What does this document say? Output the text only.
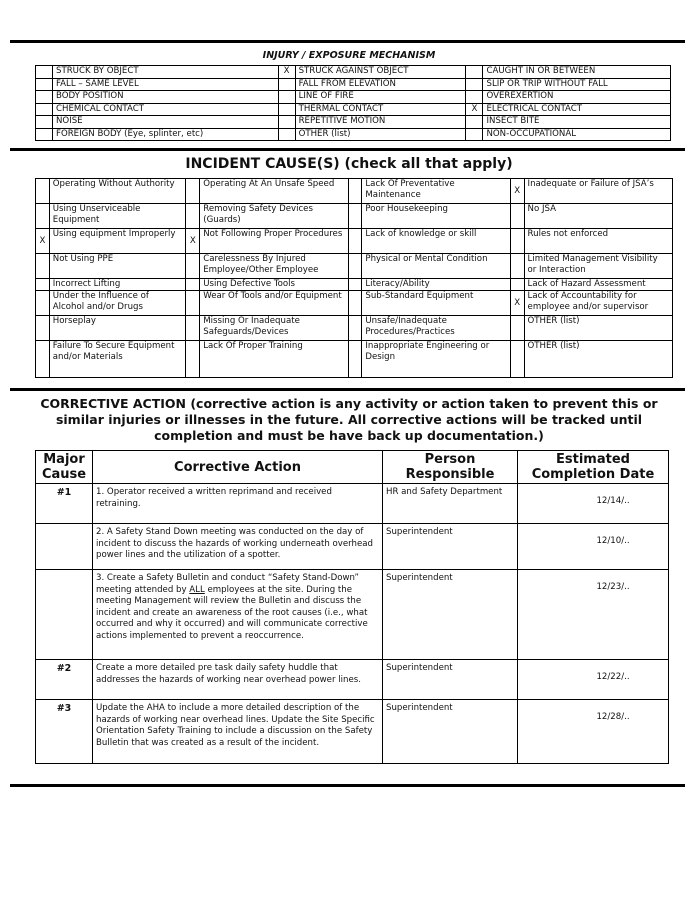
INJURY / EXPOSURE MECHANISM
	STRUCK BY OBJECT	X	STRUCK AGAINST OBJECT		CAUGHT IN OR BETWEEN
	FALL – SAME LEVEL		FALL FROM ELEVATION		SLIP OR TRIP WITHOUT FALL
	BODY POSITION		LINE OF FIRE		OVEREXERTION
	CHEMICAL CONTACT		THERMAL CONTACT	X	ELECTRICAL CONTACT
	NOISE		REPETITIVE MOTION		INSECT BITE
	FOREIGN BODY (Eye, splinter, etc)		OTHER (list)		NON-OCCUPATIONAL
INCIDENT CAUSE(S) (check all that apply)
	Operating Without Authority		Operating At An Unsafe Speed		Lack Of Preventative Maintenance	X	Inadequate or Failure of JSA’s
	Using Unserviceable Equipment		Removing Safety Devices (Guards)		Poor Housekeeping		No JSA
X	Using equipment Improperly	X	Not Following Proper Procedures		Lack of knowledge or skill		Rules not enforced
	Not Using PPE		Carelessness By Injured Employee/Other Employee		Physical or Mental Condition		Limited Management Visibility or Interaction
	Incorrect Lifting		Using Defective Tools		Literacy/Ability		Lack of Hazard Assessment
	Under the Influence of Alcohol and/or Drugs		Wear Of Tools and/or Equipment		Sub-Standard Equipment	X	Lack of Accountability for employee and/or supervisor
	Horseplay		Missing Or Inadequate Safeguards/Devices		Unsafe/Inadequate Procedures/Practices		OTHER (list)
	Failure To Secure Equipment and/or Materials		Lack Of Proper Training		Inappropriate Engineering or Design		OTHER (list)
CORRECTIVE ACTION (corrective action is any activity or action taken to prevent this or similar injuries or illnesses in the future. All corrective actions will be tracked until completion and must be have back up documentation.)
Major Cause	Corrective Action	Person Responsible	Estimated Completion Date
#1	1. Operator received a written reprimand and received retraining.	HR and Safety Department	12/14/..
	2. A Safety Stand Down meeting was conducted on the day of incident to discuss the hazards of working underneath overhead power lines and the utilization of a spotter.	Superintendent	12/10/..
	3. Create a Safety Bulletin and conduct “Safety Stand-Down” meeting attended by ALL employees at the site. During the meeting Management will review the Bulletin and discuss the incident and create an awareness of the root causes (i.e., what occurred and why it occurred) and will communicate corrective actions implemented to prevent a reoccurrence.	Superintendent	12/23/..
#2	Create a more detailed pre task daily safety huddle that addresses the hazards of working near overhead power lines.	Superintendent	12/22/..
#3	Update the AHA to include a more detailed description of the hazards of working near overhead lines. Update the Site Specific Orientation Safety Training to include a discussion on the Safety Bulletin that was created as a result of the incident.	Superintendent	12/28/..
